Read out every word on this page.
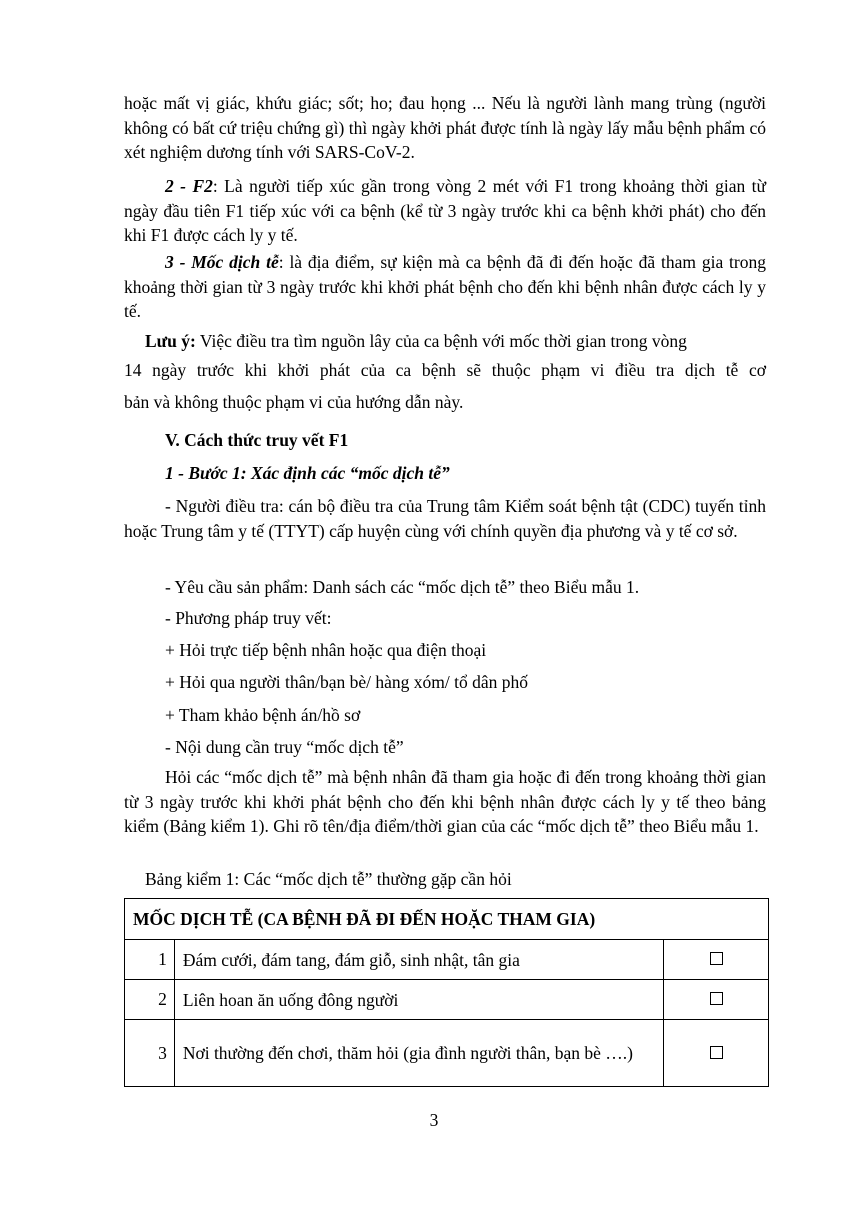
hoặc mất vị giác, khứu giác; sốt; ho; đau họng ... Nếu là người lành mang trùng (người không có bất cứ triệu chứng gì) thì ngày khởi phát được tính là ngày lấy mẫu bệnh phẩm có xét nghiệm dương tính với SARS-CoV-2.

2 - F2: Là người tiếp xúc gần trong vòng 2 mét với F1 trong khoảng thời gian từ ngày đầu tiên F1 tiếp xúc với ca bệnh (kể từ 3 ngày trước khi ca bệnh khởi phát) cho đến khi F1 được cách ly y tế.

3 - Mốc dịch tễ: là địa điểm, sự kiện mà ca bệnh đã đi đến hoặc đã tham gia trong khoảng thời gian từ 3 ngày trước khi khởi phát bệnh cho đến khi bệnh nhân được cách ly y tế.

Lưu ý: Việc điều tra tìm nguồn lây của ca bệnh với mốc thời gian trong vòng

14 ngày trước khi khởi phát của ca bệnh sẽ thuộc phạm vi điều tra dịch tễ cơ

bản và không thuộc phạm vi của hướng dẫn này.

V. Cách thức truy vết F1

1 - Bước 1: Xác định các “mốc dịch tễ”

- Người điều tra: cán bộ điều tra của Trung tâm Kiểm soát bệnh tật (CDC) tuyến tỉnh hoặc Trung tâm y tế (TTYT) cấp huyện cùng với chính quyền địa phương và y tế cơ sở.

- Yêu cầu sản phẩm: Danh sách các “mốc dịch tễ” theo Biểu mẫu 1.

- Phương pháp truy vết:

+ Hỏi trực tiếp bệnh nhân hoặc qua điện thoại

+ Hỏi qua người thân/bạn bè/ hàng xóm/ tổ dân phố

+ Tham khảo bệnh án/hồ sơ

- Nội dung cần truy “mốc dịch tễ”

Hỏi các “mốc dịch tễ” mà bệnh nhân đã tham gia hoặc đi đến trong khoảng thời gian từ 3 ngày trước khi khởi phát bệnh cho đến khi bệnh nhân được cách ly y tế theo bảng kiểm (Bảng kiểm 1). Ghi rõ tên/địa điểm/thời gian của các “mốc dịch tễ” theo Biểu mẫu 1.

Bảng kiểm 1: Các “mốc dịch tễ” thường gặp cần hỏi

MỐC DỊCH TỄ (CA BỆNH ĐÃ ĐI ĐẾN HOẶC THAM GIA)		
1	Đám cưới, đám tang, đám giỗ, sinh nhật, tân gia	
2	Liên hoan ăn uống đông người	
3	Nơi thường đến chơi, thăm hỏi (gia đình người thân, bạn bè ….)	

3
